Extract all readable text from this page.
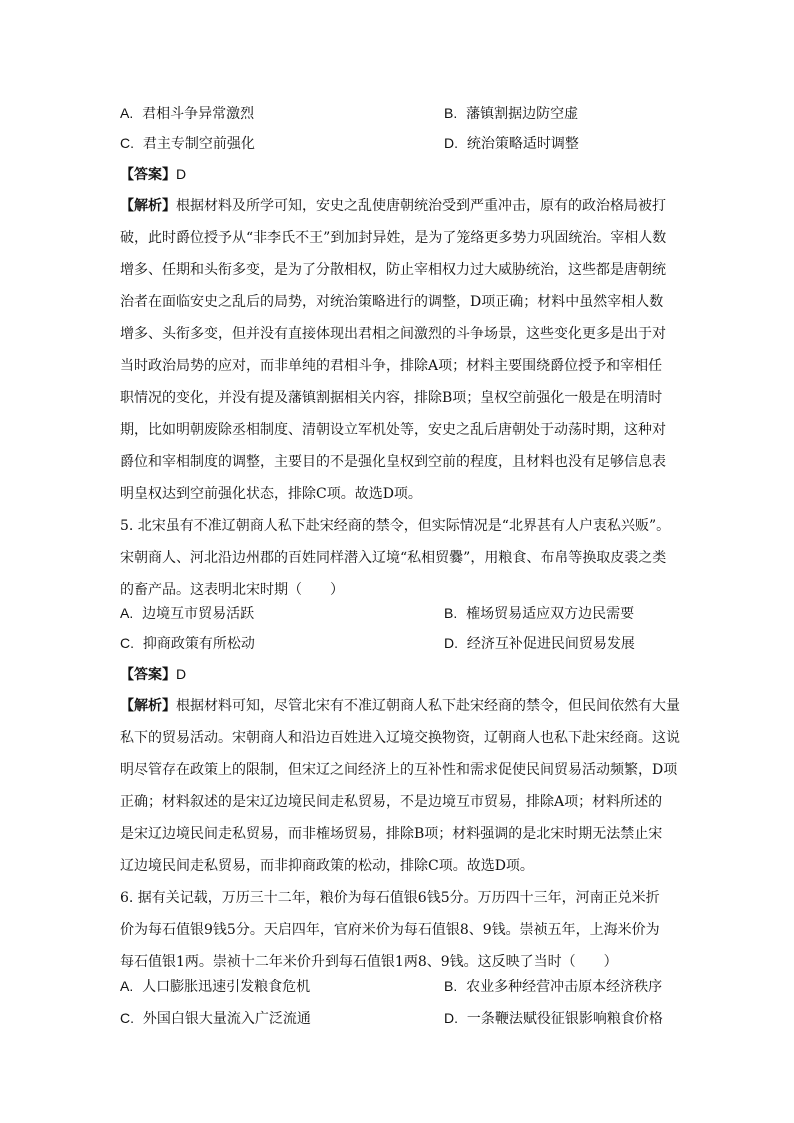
A. 君相斗争异常激烈	B. 藩镇割据边防空虚
C. 君主专制空前强化	D. 统治策略适时调整
【答案】D
【解析】根据材料及所学可知，安史之乱使唐朝统治受到严重冲击，原有的政治格局被打
破，此时爵位授予从“非李氏不王”到加封异姓，是为了笼络更多势力巩固统治。宰相人数
增多、任期和头衔多变，是为了分散相权，防止宰相权力过大威胁统治，这些都是唐朝统
治者在面临安史之乱后的局势，对统治策略进行的调整，D项正确；材料中虽然宰相人数
增多、头衔多变，但并没有直接体现出君相之间激烈的斗争场景，这些变化更多是出于对
当时政治局势的应对，而非单纯的君相斗争，排除A项；材料主要围绕爵位授予和宰相任
职情况的变化，并没有提及藩镇割据相关内容，排除B项；皇权空前强化一般是在明清时
期，比如明朝废除丞相制度、清朝设立军机处等，安史之乱后唐朝处于动荡时期，这种对
爵位和宰相制度的调整，主要目的不是强化皇权到空前的程度，且材料也没有足够信息表
明皇权达到空前强化状态，排除C项。故选D项。
5. 北宋虽有不准辽朝商人私下赴宋经商的禁令，但实际情况是“北界甚有人户衷私兴贩”。
宋朝商人、河北沿边州郡的百姓同样潜入辽境“私相贸爨”，用粮食、布帛等换取皮裘之类
的畜产品。这表明北宋时期（　　）
A. 边境互市贸易活跃	B. 榷场贸易适应双方边民需要
C. 抑商政策有所松动	D. 经济互补促进民间贸易发展
【答案】D
【解析】根据材料可知，尽管北宋有不准辽朝商人私下赴宋经商的禁令，但民间依然有大量
私下的贸易活动。宋朝商人和沿边百姓进入辽境交换物资，辽朝商人也私下赴宋经商。这说
明尽管存在政策上的限制，但宋辽之间经济上的互补性和需求促使民间贸易活动频繁，D项
正确；材料叙述的是宋辽边境民间走私贸易，不是边境互市贸易，排除A项；材料所述的
是宋辽边境民间走私贸易，而非榷场贸易，排除B项；材料强调的是北宋时期无法禁止宋
辽边境民间走私贸易，而非抑商政策的松动，排除C项。故选D项。
6. 据有关记载，万历三十二年，粮价为每石值银6钱5分。万历四十三年，河南正兑米折
价为每石值银9钱5分。天启四年，官府米价为每石值银8、9钱。崇祯五年，上海米价为
每石值银1两。崇祯十二年米价升到每石值银1两8、9钱。这反映了当时（　　）
A. 人口膨胀迅速引发粮食危机	B. 农业多种经营冲击原本经济秩序
C. 外国白银大量流入广泛流通	D. 一条鞭法赋役征银影响粮食价格
